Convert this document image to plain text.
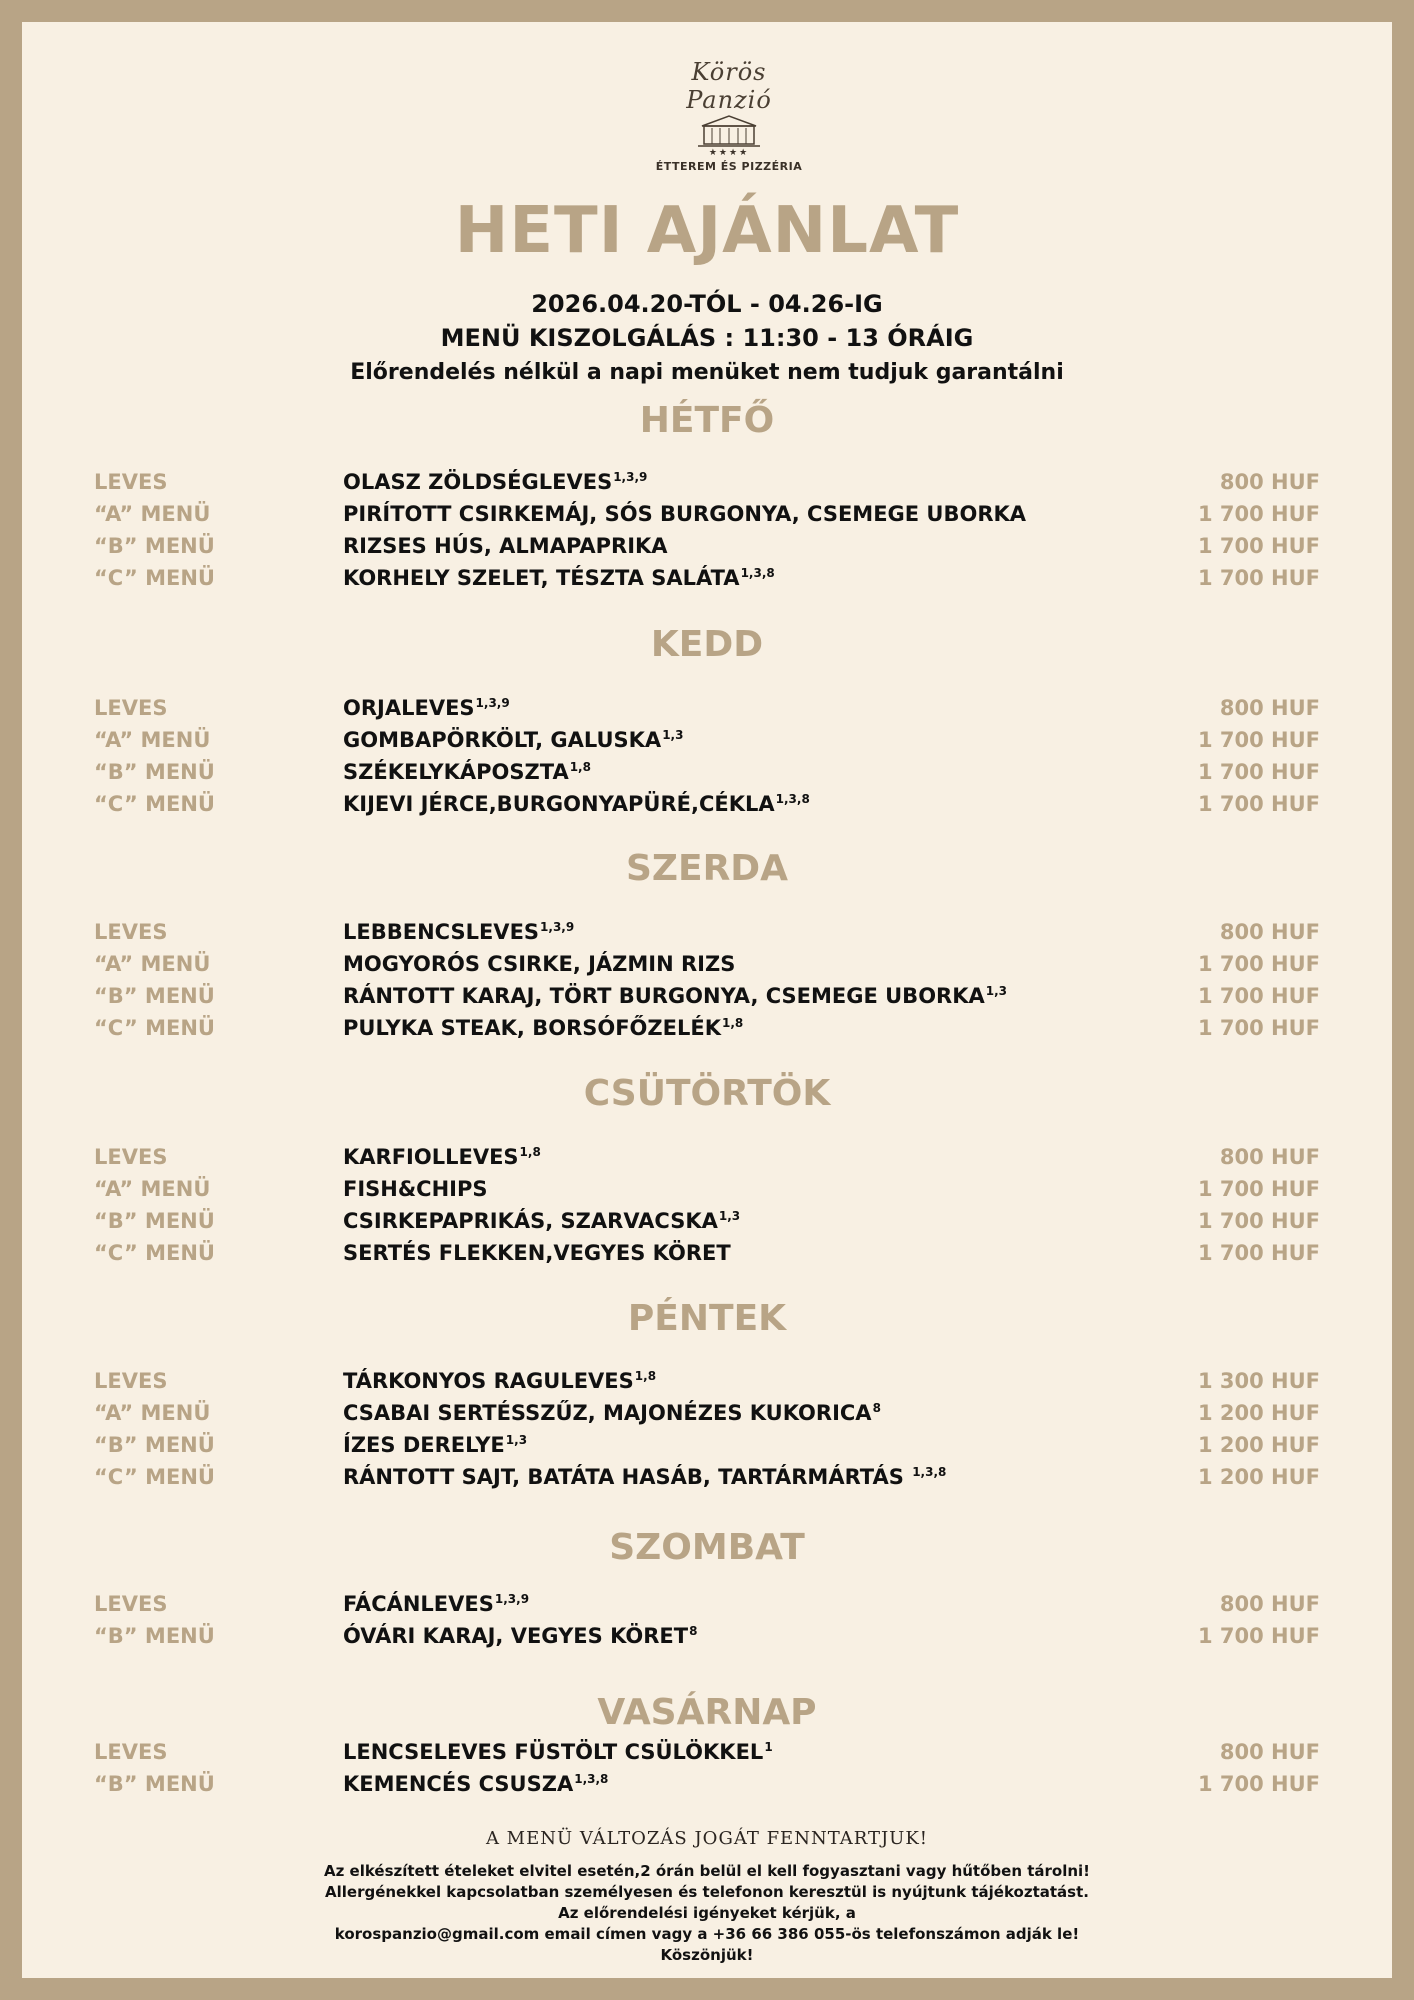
Körös Panzió
★★★★
ÉTTEREM ÉS PIZZÉRIA
HETI AJÁNLAT
2026.04.20-TÓL - 04.26-IG
MENÜ KISZOLGÁLÁS : 11:30 - 13 ÓRÁIG
Előrendelés nélkül a napi menüket nem tudjuk garantálni
HÉTFŐ
LEVES	OLASZ ZÖLDSÉGLEVES$^{1,3,9}$	800 HUF
“A” MENÜ	PIRÍTOTT CSIRKEMÁJ, SÓS BURGONYA, CSEMEGE UBORKA	1 700 HUF
“B” MENÜ	RIZSES HÚS, ALMAPAPRIKA	1 700 HUF
“C” MENÜ	KORHELY SZELET, TÉSZTA SALÁTA$^{1,3,8}$	1 700 HUF
KEDD
LEVES	ORJALEVES$^{1,3,9}$	800 HUF
“A” MENÜ	GOMBAPÖRKÖLT, GALUSKA$^{1,3}$	1 700 HUF
“B” MENÜ	SZÉKELYKÁPOSZTA$^{1,8}$	1 700 HUF
“C” MENÜ	KIJEVI JÉRCE,BURGONYAPÜRÉ,CÉKLA$^{1,3,8}$	1 700 HUF
SZERDA
LEVES	LEBBENCSLEVES$^{1,3,9}$	800 HUF
“A” MENÜ	MOGYORÓS CSIRKE, JÁZMIN RIZS	1 700 HUF
“B” MENÜ	RÁNTOTT KARAJ, TÖRT BURGONYA, CSEMEGE UBORKA$^{1,3}$	1 700 HUF
“C” MENÜ	PULYKA STEAK, BORSÓFŐZELÉK$^{1,8}$	1 700 HUF
CSÜTÖRTÖK
LEVES	KARFIOLLEVES$^{1,8}$	800 HUF
“A” MENÜ	FISH&CHIPS	1 700 HUF
“B” MENÜ	CSIRKEPAPRIKÁS, SZARVACSKA$^{1,3}$	1 700 HUF
“C” MENÜ	SERTÉS FLEKKEN,VEGYES KÖRET	1 700 HUF
PÉNTEK
LEVES	TÁRKONYOS RAGULEVES$^{1,8}$	1 300 HUF
“A” MENÜ	CSABAI SERTÉSSZŰZ, MAJONÉZES KUKORICA$^8$	1 200 HUF
“B” MENÜ	ÍZES DERELYE$^{1,3}$	1 200 HUF
“C” MENÜ	RÁNTOTT SAJT, BATÁTA HASÁB, TARTÁRMÁRTÁS $^{1,3,8}$	1 200 HUF
SZOMBAT
LEVES	FÁCÁNLEVES$^{1,3,9}$	800 HUF
“B” MENÜ	ÓVÁRI KARAJ, VEGYES KÖRET$^8$	1 700 HUF
VASÁRNAP
LEVES	LENCSELEVES FÜSTÖLT CSÜLÖKKEL$^1$	800 HUF
“B” MENÜ	KEMENCÉS CSUSZA$^{1,3,8}$	1 700 HUF
A MENÜ VÁLTOZÁS JOGÁT FENNTARTJUK!
Az elkészített ételeket elvitel esetén,2 órán belül el kell fogyasztani vagy hűtőben tárolni!
Allergénekkel kapcsolatban személyesen és telefonon keresztül is nyújtunk tájékoztatást.
Az előrendelési igényeket kérjük, a
korospanzio@gmail.com email címen vagy a +36 66 386 055-ös telefonszámon adják le!
Köszönjük!
